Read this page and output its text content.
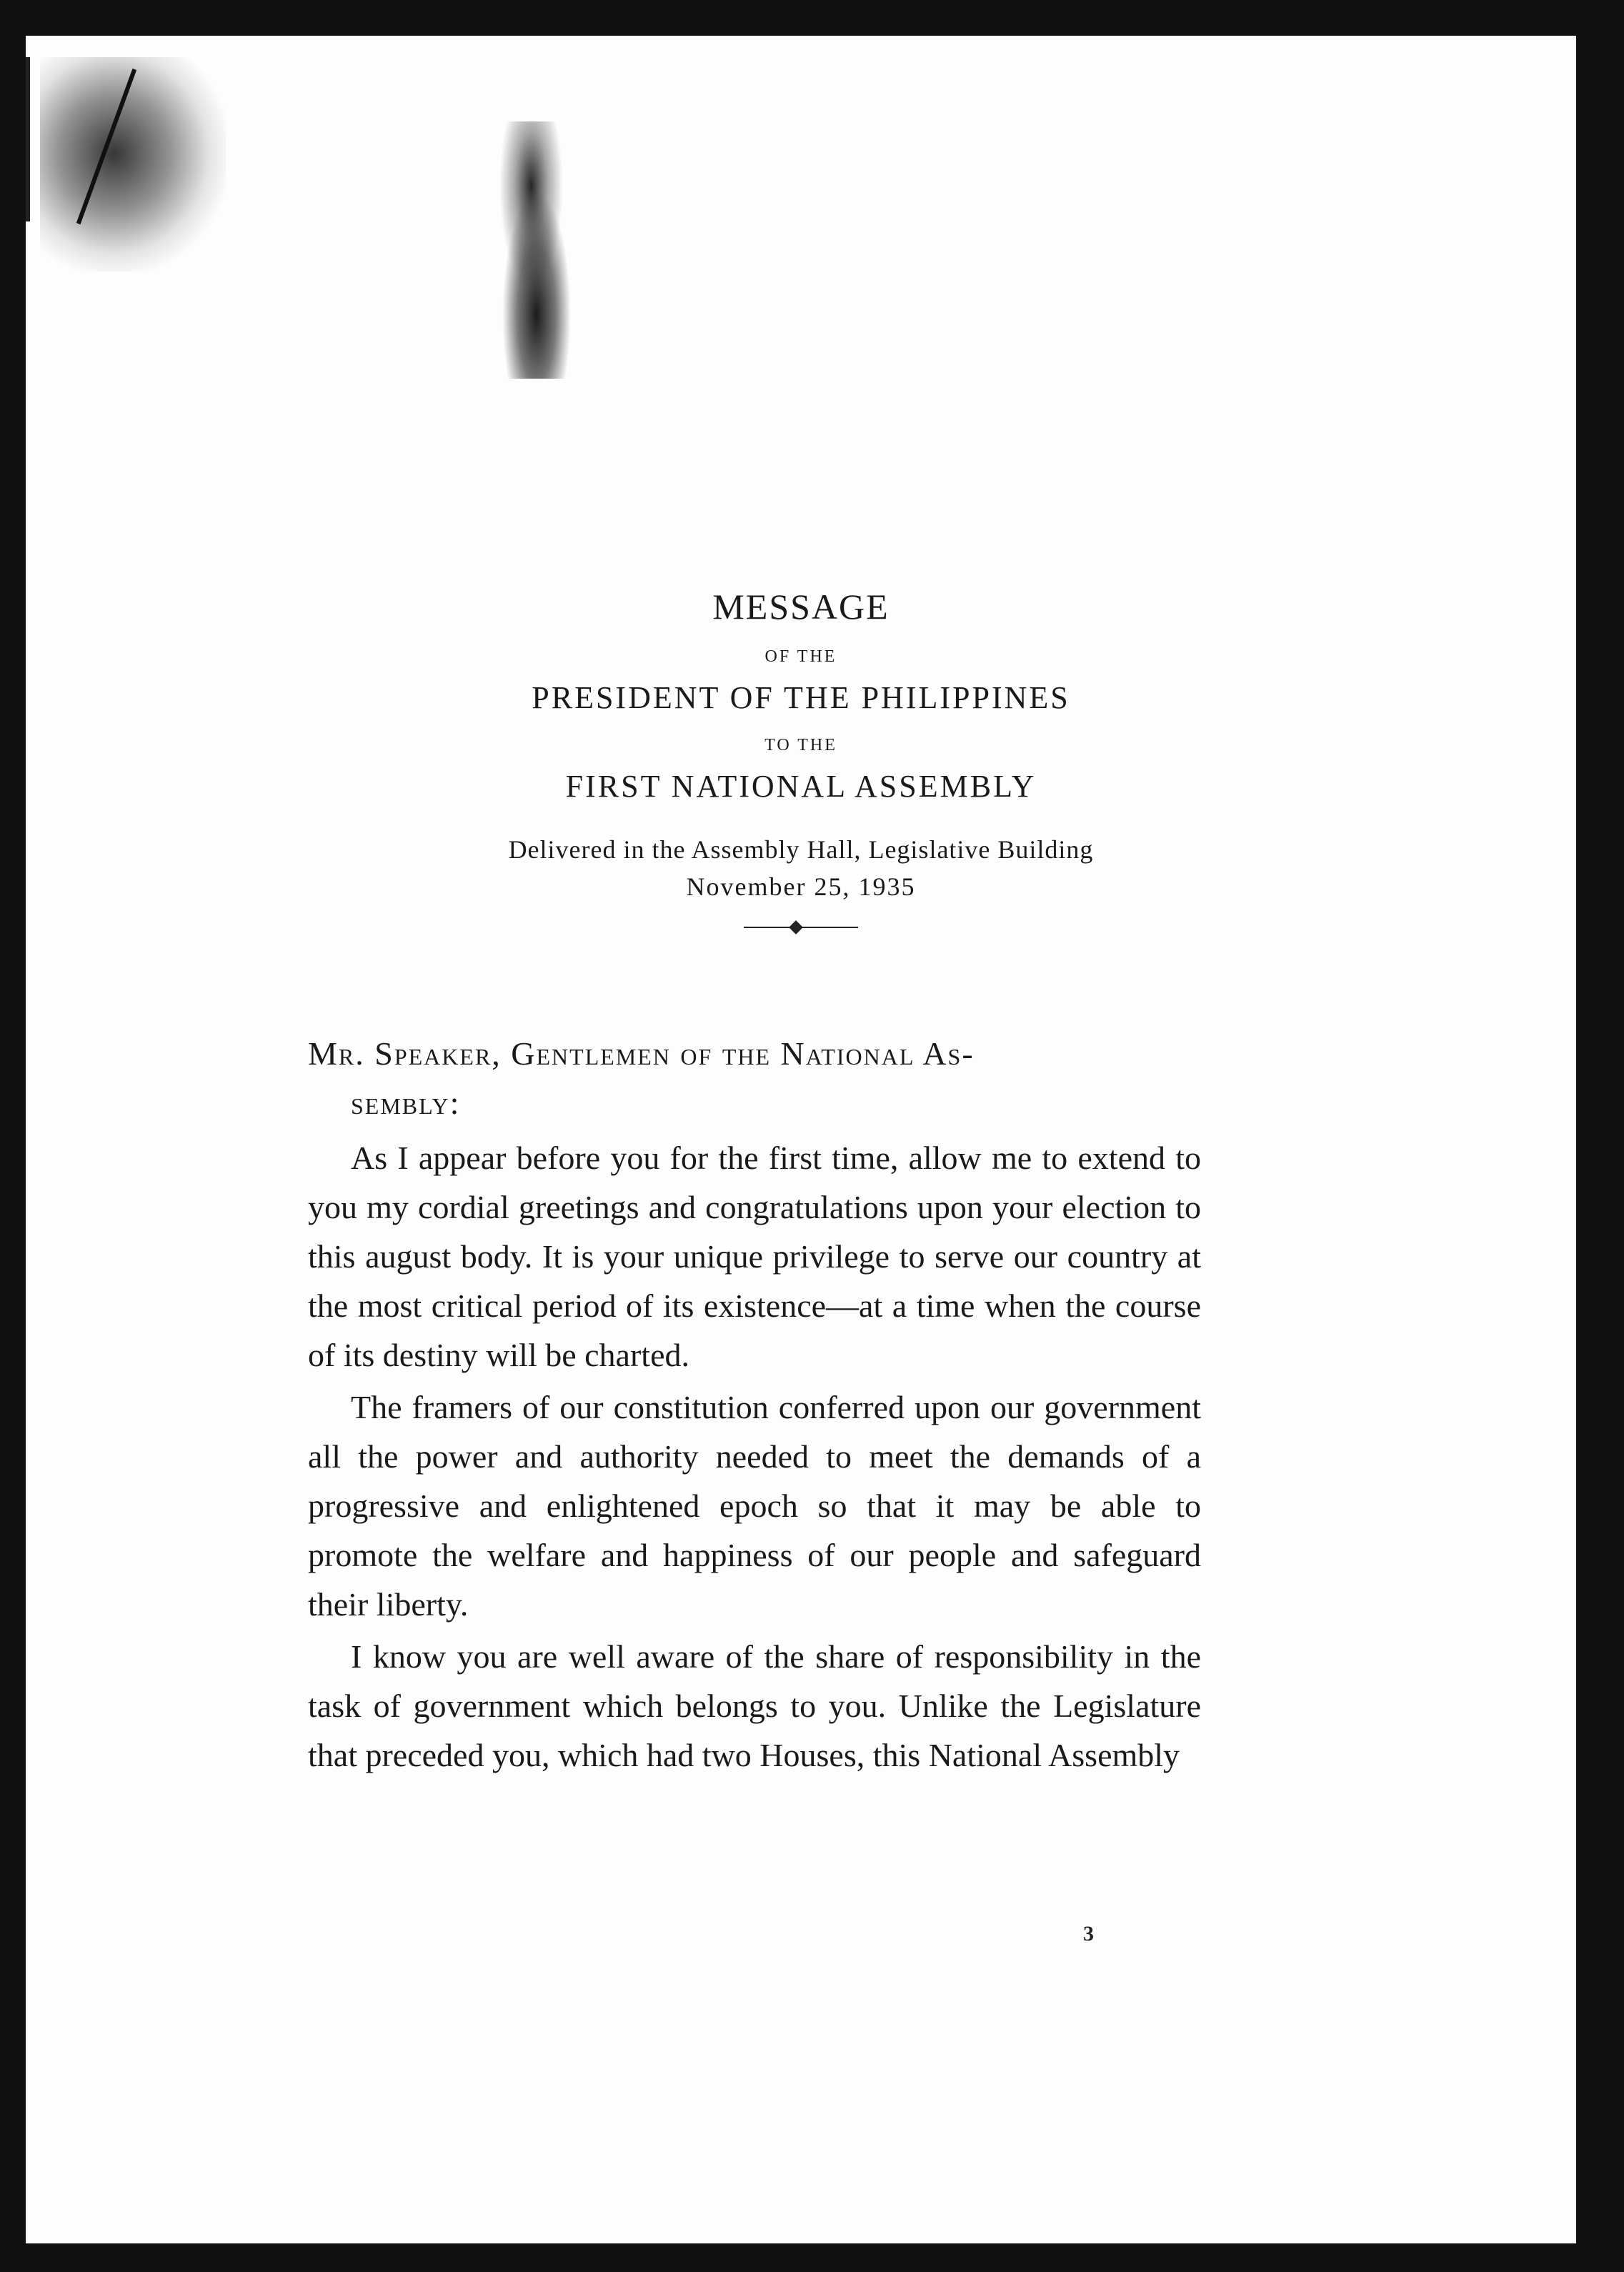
MESSAGE
OF THE
PRESIDENT OF THE PHILIPPINES
TO THE
FIRST NATIONAL ASSEMBLY
Delivered in the Assembly Hall, Legislative Building
November 25, 1935
Mr. Speaker, Gentlemen of the National As-
sembly:

As I appear before you for the first time, allow me to extend to you my cordial greetings and congratulations upon your election to this august body. It is your unique privilege to serve our country at the most critical period of its existence—at a time when the course of its destiny will be charted.

The framers of our constitution conferred upon our government all the power and authority needed to meet the demands of a progressive and enlightened epoch so that it may be able to promote the welfare and happiness of our people and safeguard their liberty.

I know you are well aware of the share of responsibility in the task of government which belongs to you. Unlike the Legislature that preceded you, which had two Houses, this National Assembly

3
